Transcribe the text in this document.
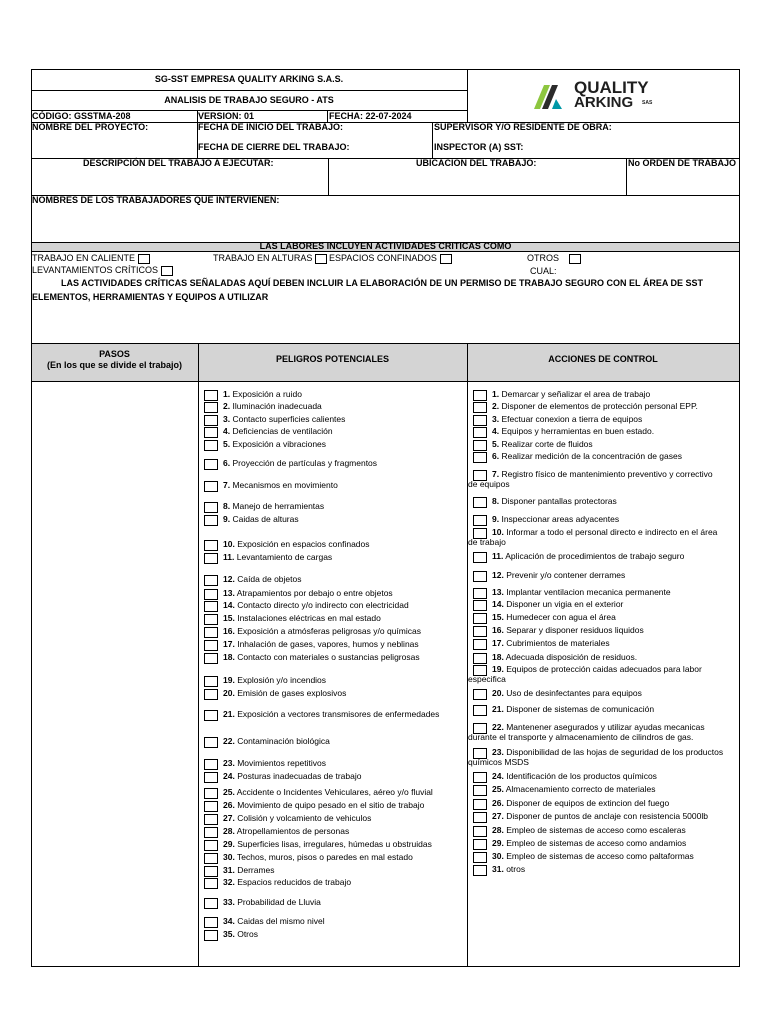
SG-SST EMPRESA QUALITY ARKING S.A.S.
ANALISIS DE TRABAJO SEGURO - ATS
CÓDIGO: GSSTMA-208	VERSION: 01	FECHA: 22-07-2024
QUALITY
ARKING SAS
NOMBRE DEL PROYECTO:	FECHA DE INICIO DEL TRABAJO:
FECHA DE CIERRE DEL TRABAJO:
SUPERVISOR Y/O RESIDENTE DE OBRA:
INSPECTOR (A) SST:
DESCRIPCIÓN DEL TRABAJO A EJECUTAR:	UBICACION DEL TRABAJO:	No ORDEN DE TRABAJO
NOMBRES DE LOS TRABAJADORES QUE INTERVIENEN:
LAS LABORES INCLUYEN ACTIVIDADES CRITICAS COMO
TRABAJO EN CALIENTE	TRABAJO EN ALTURAS	ESPACIOS CONFINADOS	OTROS
LEVANTAMIENTOS CRÍTICOS	CUAL:
LAS ACTIVIDADES CRÍTICAS SEÑALADAS AQUÍ DEBEN INCLUIR LA ELABORACIÓN DE UN PERMISO DE TRABAJO SEGURO CON EL ÁREA DE SST
ELEMENTOS, HERRAMIENTAS Y EQUIPOS A UTILIZAR
PASOS
(En los que se divide el trabajo)
PELIGROS POTENCIALES	ACCIONES DE CONTROL
1. Exposición a ruido
2. Iluminación inadecuada
3. Contacto superficies calientes
4. Deficiencias de ventilación
5. Exposición a vibraciones
6. Proyección de partículas y fragmentos
7. Mecanismos en movimiento
8. Manejo de herramientas
9. Caidas de alturas
10. Exposición en espacios confinados
11. Levantamiento de cargas
12. Caída de objetos
13. Atrapamientos por debajo o entre objetos
14. Contacto directo y/o indirecto con electricidad
15. Instalaciones eléctricas en mal estado
16. Exposición a atmósferas peligrosas y/o químicas
17. Inhalación de gases, vapores, humos y neblinas
18. Contacto con materiales o sustancias peligrosas
19. Explosión y/o incendios
20. Emisión de gases explosivos
21. Exposición a vectores transmisores de enfermedades
22. Contaminación biológica
23. Movimientos repetitivos
24. Posturas inadecuadas de trabajo
25. Accidente o Incidentes Vehiculares, aéreo y/o fluvial
26. Movimiento de quipo pesado en el sitio de trabajo
27. Colisión y volcamiento de vehiculos
28. Atropellamientos de personas
29. Superficies lisas, irregulares, húmedas u obstruidas
30. Techos, muros, pisos o paredes en mal estado
31. Derrames
32. Espacios reducidos de trabajo
33. Probabilidad de Lluvia
34. Caidas del mismo nivel
35. Otros
1. Demarcar y señalizar el area de trabajo
2. Disponer de elementos de protección personal EPP.
3. Efectuar conexion a tierra de equipos
4. Equipos y herramientas en buen estado.
5. Realizar corte de fluidos
6. Realizar medición de la concentración de gases
7. Registro físico de mantenimiento preventivo y correctivo
de equipos
8. Disponer pantallas protectoras
9. Inspeccionar areas adyacentes
10. Informar a todo el personal directo e indirecto en el área
de trabajo
11. Aplicación de procedimientos de trabajo seguro
12. Prevenir y/o contener derrames
13. Implantar ventilacion mecanica permanente
14. Disponer un vigia en el exterior
15. Humedecer con agua el área
16. Separar y disponer residuos liquidos
17. Cubrimientos de materiales
18. Adecuada disposición de residuos.
19. Equipos de protección caidas adecuados para labor
especifica
20. Uso de desinfectantes para equipos
21. Disponer de sistemas de comunicación
22. Mantenener asegurados y utilizar ayudas mecanicas
durante el transporte y almacenamiento de cilindros de gas.
23. Disponibilidad de las hojas de seguridad de los productos
químicos MSDS
24. Identificación de los productos químicos
25. Almacenamiento correcto de materiales
26. Disponer de equipos de extincion del fuego
27. Disponer de puntos de anclaje con resistencia 5000lb
28. Empleo de sistemas de acceso como escaleras
29. Empleo de sistemas de acceso como andamios
30. Empleo de sistemas de acceso como paltaformas
31. otros
